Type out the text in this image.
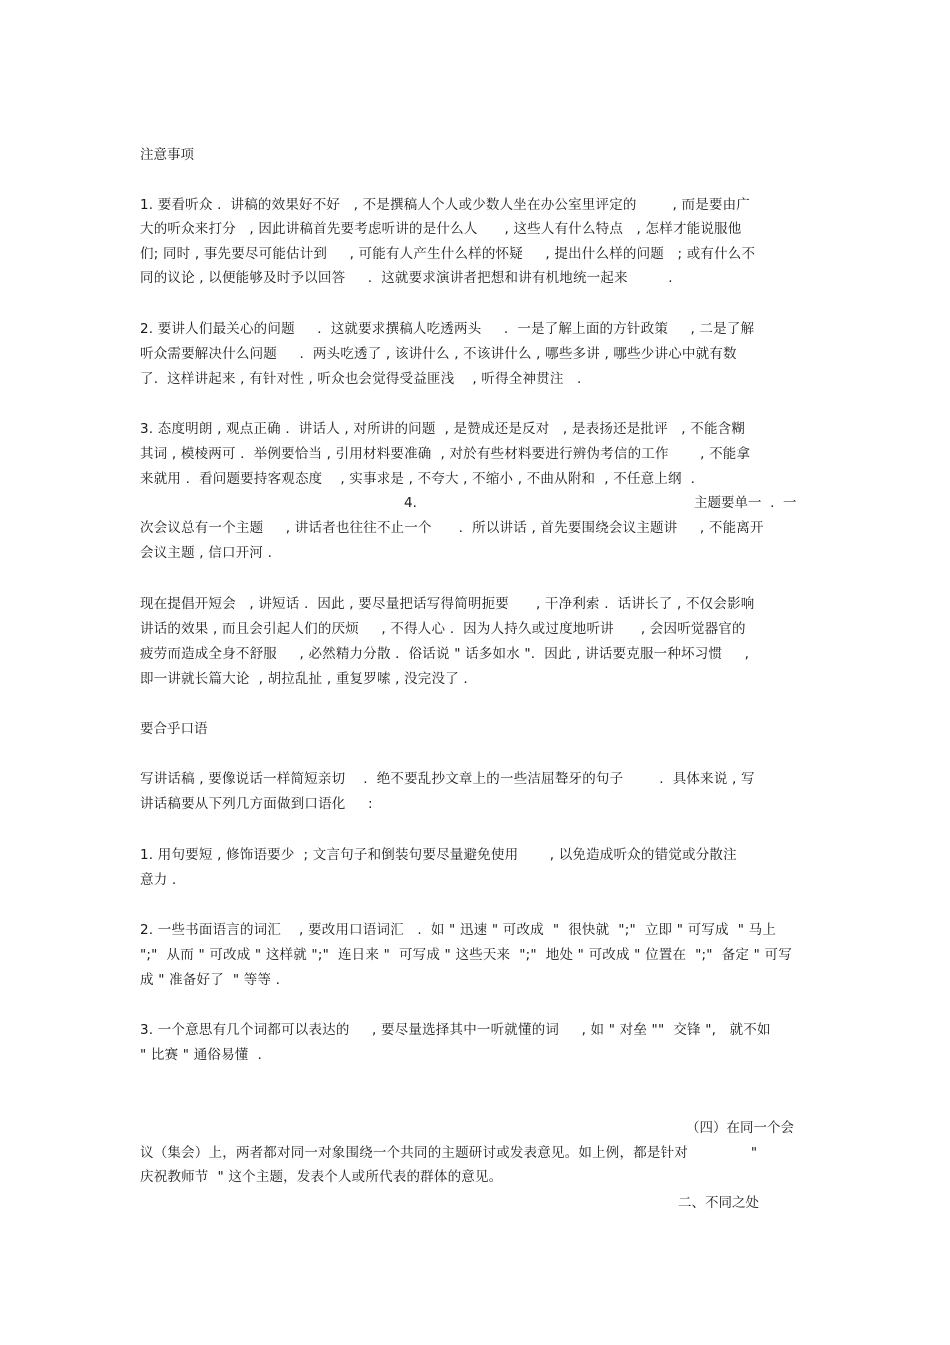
注意事项
1. 要看听众 .  讲稿的效果好不好   , 不是撰稿人个人或少数人坐在办公室里评定的        , 而是要由广
大的听众来打分   , 因此讲稿首先要考虑听讲的是什么人      , 这些人有什么特点   , 怎样才能说服他
们; 同时 , 事先要尽可能估计到     , 可能有人产生什么样的怀疑     , 提出什么样的问题   ; 或有什么不
同的议论 , 以便能够及时予以回答     .  这就要求演讲者把想和讲有机地统一起来         .
2. 要讲人们最关心的问题     .  这就要求撰稿人吃透两头     .  一是了解上面的方针政策     , 二是了解
听众需要解决什么问题     .  两头吃透了 , 该讲什么 , 不该讲什么 , 哪些多讲 , 哪些少讲心中就有数
了.  这样讲起来 , 有针对性 , 听众也会觉得受益匪浅    , 听得全神贯注   .
3. 态度明朗 , 观点正确 .  讲话人 , 对所讲的问题  , 是赞成还是反对   , 是表扬还是批评   , 不能含糊
其词 , 模棱两可 .  举例要恰当 , 引用材料要准确  , 对於有些材料要进行辨伪考信的工作       , 不能拿
来就用 .  看问题要持客观态度    , 实事求是 , 不夸大 , 不缩小 , 不曲从附和  , 不任意上纲  .
4.	主题要单一  .  一
次会议总有一个主题     , 讲话者也往往不止一个      .  所以讲话 , 首先要围绕会议主题讲     , 不能离开
会议主题 , 信口开河 .
现在提倡开短会   , 讲短话 .  因此 , 要尽量把话写得简明扼要      , 干净利索 .  话讲长了 , 不仅会影响
讲话的效果 , 而且会引起人们的厌烦     , 不得人心 .  因为人持久或过度地听讲      , 会因听觉器官的
疲劳而造成全身不舒服     , 必然精力分散 .  俗话说 " 话多如水 ".  因此 , 讲话要克服一种坏习惯     ,
即一讲就长篇大论  , 胡拉乱扯 , 重复罗嗦 , 没完没了 .
要合乎口语
写讲话稿 , 要像说话一样简短亲切    .  绝不要乱抄文章上的一些洁屈聱牙的句子        .  具体来说 , 写
讲话稿要从下列几方面做到口语化     :
1. 用句要短 , 修饰语要少  ; 文言句子和倒装句要尽量避免使用       , 以免造成听众的错觉或分散注
意力 .
2. 一些书面语言的词汇    , 要改用口语词汇   .  如 " 迅速 " 可改成  "  很快就  ";"  立即 " 可写成  " 马上
";"  从而 " 可改成 " 这样就 ";"  连日来 "  可写成 " 这些天来  ";"  地处 " 可改成 " 位置在  ";"  备定 " 可写
成 " 准备好了  " 等等 .
3. 一个意思有几个词都可以表达的     , 要尽量选择其中一听就懂的词     , 如 " 对垒 ""  交锋 ",   就不如
" 比赛 " 通俗易懂  .
（四）在同一个会
议（集会）上，两者都对同一对象围绕一个共同的主题研讨或发表意见。如上例，都是针对              "
庆祝教师节  " 这个主题，发表个人或所代表的群体的意见。
二、不同之处
